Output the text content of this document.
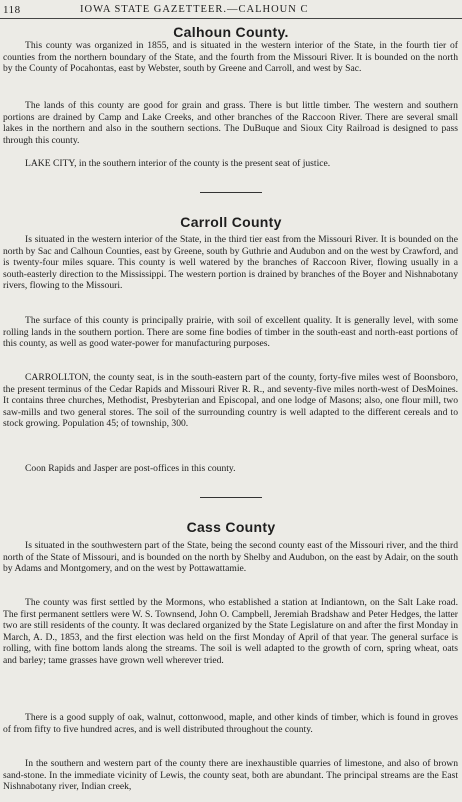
118	IOWA STATE GAZETTEER.—CALHOUN C
Calhoun County.

This county was organized in 1855, and is situated in the western interior of the State, in the fourth tier of counties from the northern boundary of the State, and the fourth from the Missouri River. It is bounded on the north by the County of Pocahontas, east by Webster, south by Greene and Carroll, and west by Sac.

The lands of this county are good for grain and grass. There is but little timber. The western and southern portions are drained by Camp and Lake Creeks, and other branches of the Raccoon River. There are several small lakes in the northern and also in the southern sections. The DuBuque and Sioux City Railroad is designed to pass through this county.

LAKE CITY, in the southern interior of the county is the present seat of justice.

Carroll County

Is situated in the western interior of the State, in the third tier east from the Missouri River. It is bounded on the north by Sac and Calhoun Counties, east by Greene, south by Guthrie and Audubon and on the west by Crawford, and is twenty-four miles square. This county is well watered by the branches of Raccoon River, flowing usually in a south-easterly direction to the Mississippi. The western portion is drained by branches of the Boyer and Nishnabotany rivers, flowing to the Missouri.

The surface of this county is principally prairie, with soil of excellent quality. It is generally level, with some rolling lands in the southern portion. There are some fine bodies of timber in the south-east and north-east portions of this county, as well as good water-power for manufacturing purposes.

CARROLLTON, the county seat, is in the south-eastern part of the county, forty-five miles west of Boonsboro, the present terminus of the Cedar Rapids and Missouri River R. R., and seventy-five miles north-west of DesMoines. It contains three churches, Methodist, Presbyterian and Episcopal, and one lodge of Masons; also, one flour mill, two saw-mills and two general stores. The soil of the surrounding country is well adapted to the different cereals and to stock growing. Population 45; of township, 300.

Coon Rapids and Jasper are post-offices in this county.

Cass County

Is situated in the southwestern part of the State, being the second county east of the Missouri river, and the third north of the State of Missouri, and is bounded on the north by Shelby and Audubon, on the east by Adair, on the south by Adams and Montgomery, and on the west by Pottawattamie.

The county was first settled by the Mormons, who established a station at Indiantown, on the Salt Lake road. The first permanent settlers were W. S. Townsend, John O. Campbell, Jeremiah Bradshaw and Peter Hedges, the latter two are still residents of the county. It was declared organized by the State Legislature on and after the first Monday in March, A. D., 1853, and the first election was held on the first Monday of April of that year. The general surface is rolling, with fine bottom lands along the streams. The soil is well adapted to the growth of corn, spring wheat, oats and barley; tame grasses have grown well wherever tried.

There is a good supply of oak, walnut, cottonwood, maple, and other kinds of timber, which is found in groves of from fifty to five hundred acres, and is well distributed throughout the county.

In the southern and western part of the county there are inexhaustible quarries of limestone, and also of brown sand-stone. In the immediate vicinity of Lewis, the county seat, both are abundant. The principal streams are the East Nishnabotany river, Indian creek,
